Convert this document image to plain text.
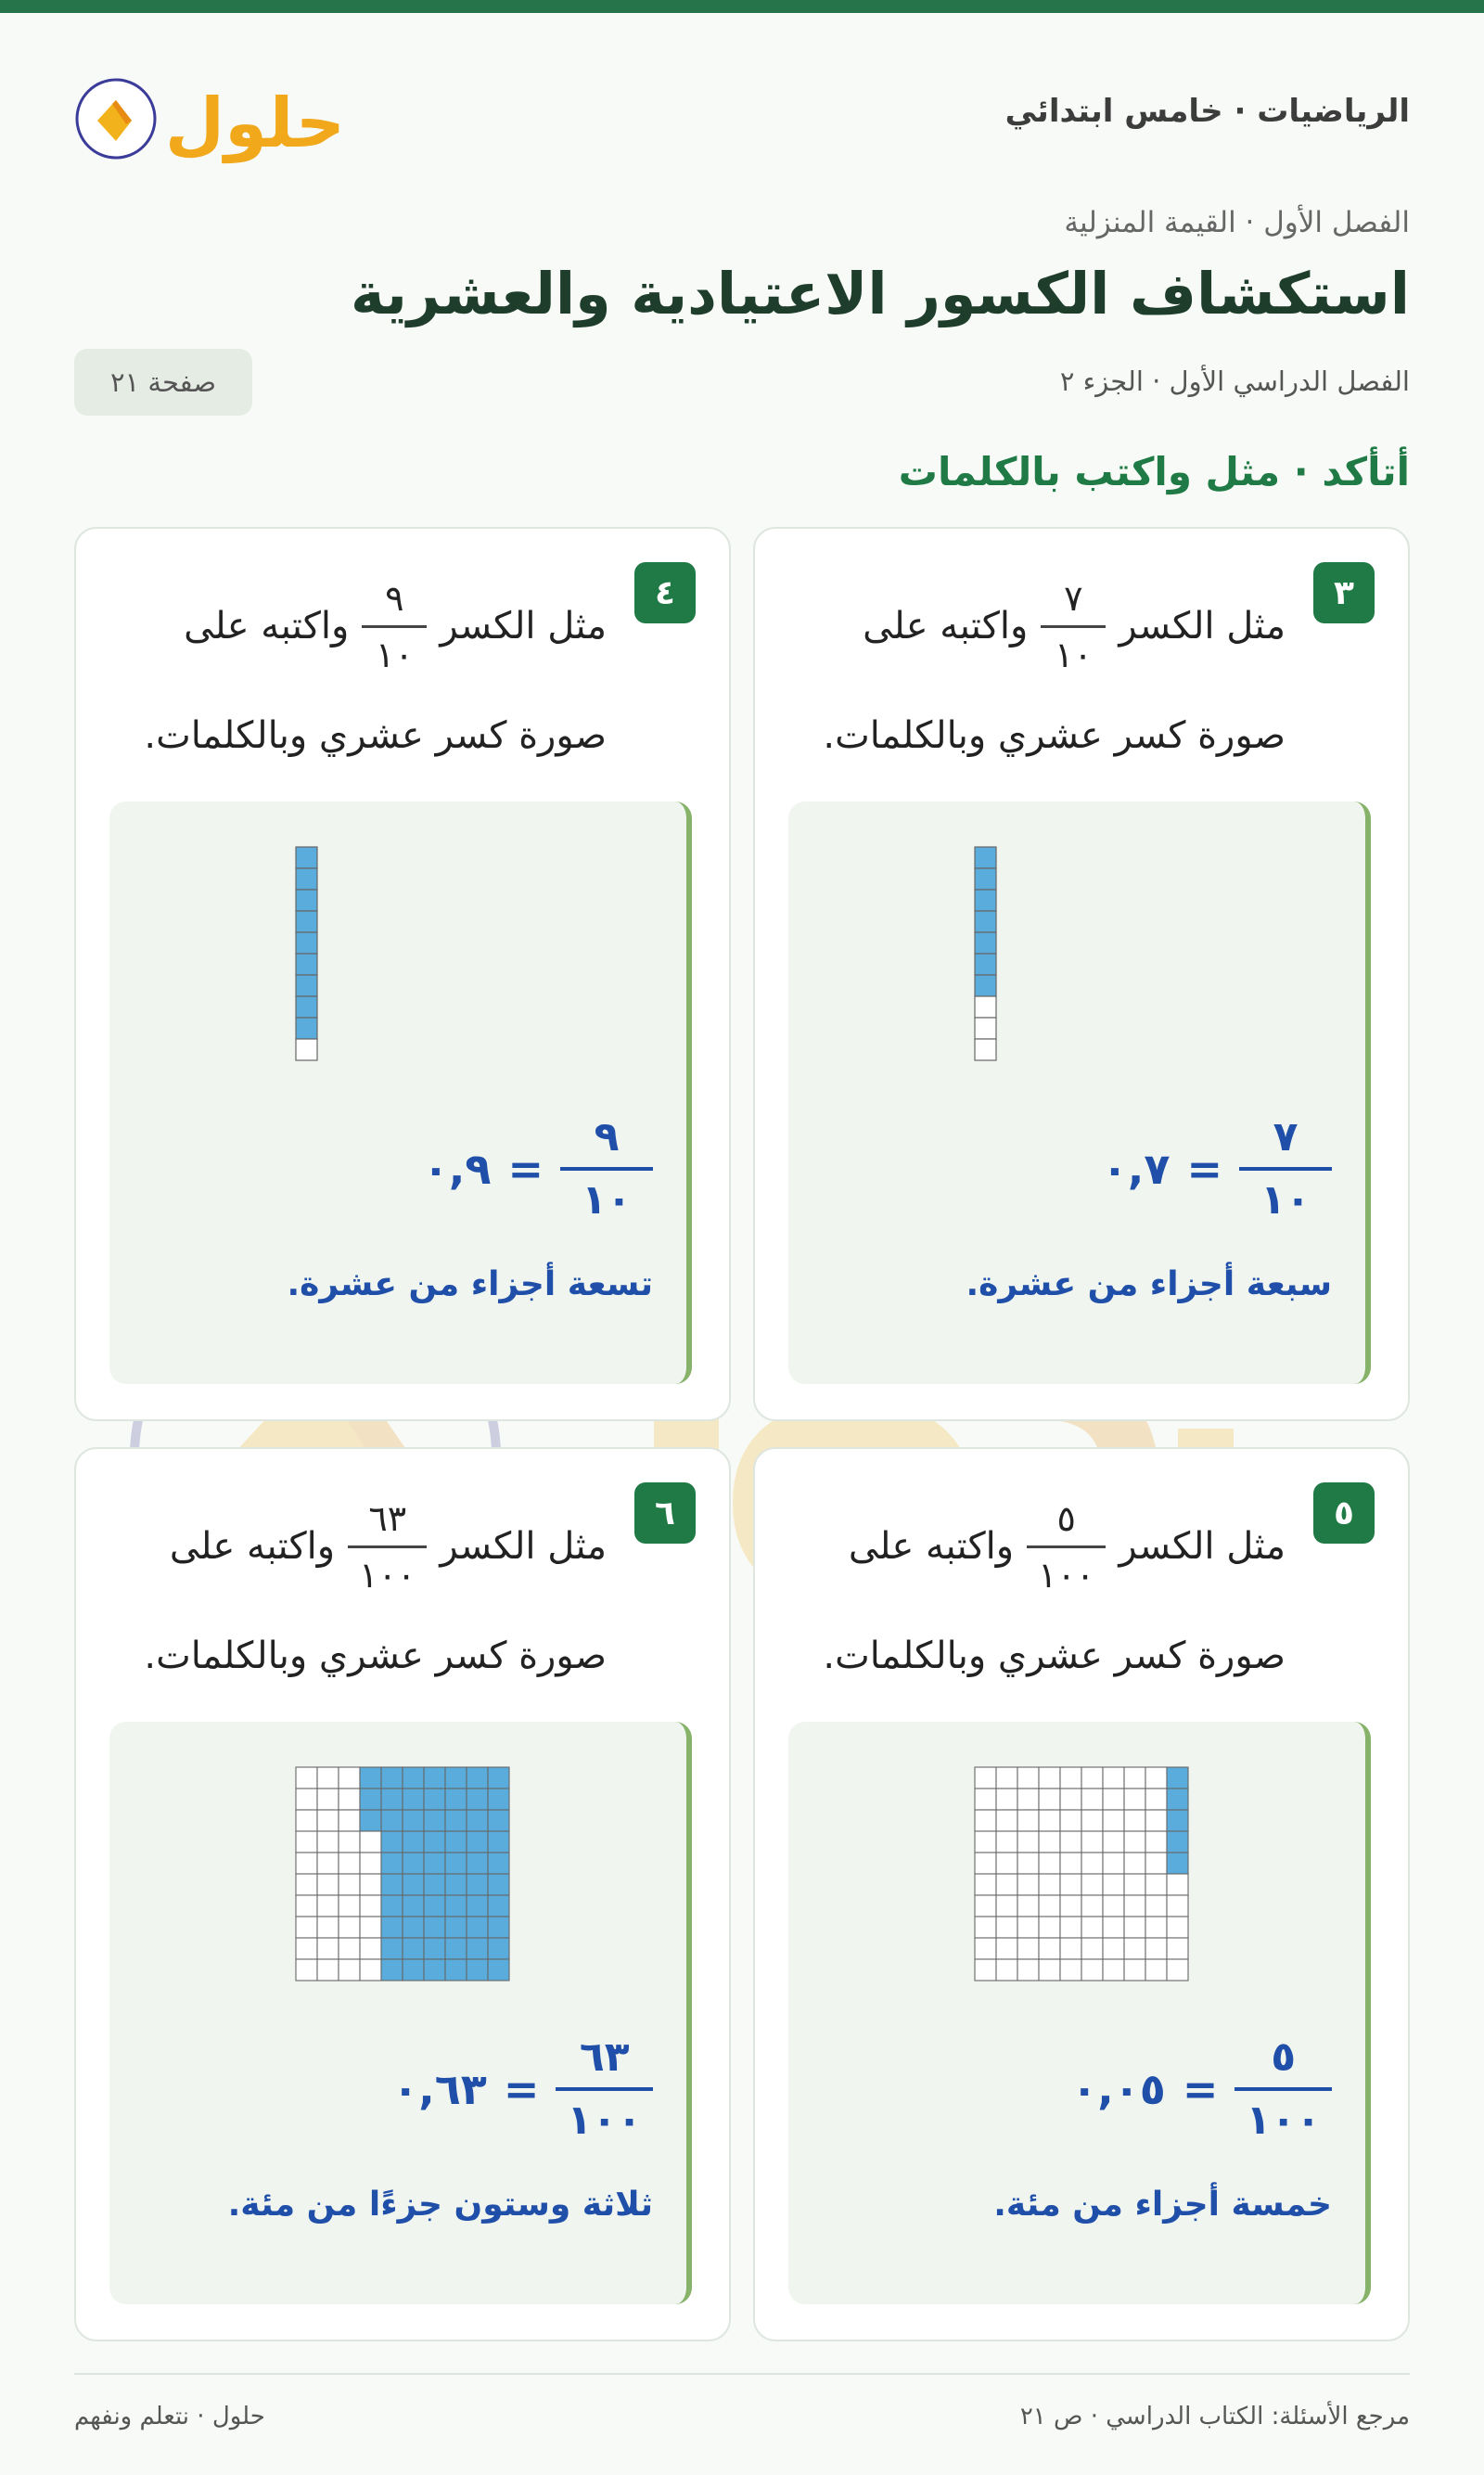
الرياضيات · خامس ابتدائي
حلول
الفصل الأول · القيمة المنزلية
استكشاف الكسور الاعتيادية والعشرية
الفصل الدراسي الأول · الجزء ٢
صفحة ٢١
أتأكد · مثل واكتب بالكلمات
٣
مثل الكسر
$\frac{٧}{١٠}$
واكتبه على
صورة كسر عشري وبالكلمات.
$\frac{٧}{١٠}$
=
٠,٧
سبعة أجزاء من عشرة.
٤
مثل الكسر
$\frac{٩}{١٠}$
واكتبه على
صورة كسر عشري وبالكلمات.
$\frac{٩}{١٠}$
=
٠,٩
تسعة أجزاء من عشرة.
٥
مثل الكسر
$\frac{٥}{١٠٠}$
واكتبه على
صورة كسر عشري وبالكلمات.
$\frac{٥}{١٠٠}$
=
٠,٠٥
خمسة أجزاء من مئة.
٦
مثل الكسر
$\frac{٦٣}{١٠٠}$
واكتبه على
صورة كسر عشري وبالكلمات.
$\frac{٦٣}{١٠٠}$
=
٠,٦٣
ثلاثة وستون جزءًا من مئة.
مرجع الأسئلة: الكتاب الدراسي · ص ٢١
حلول · نتعلم ونفهم
